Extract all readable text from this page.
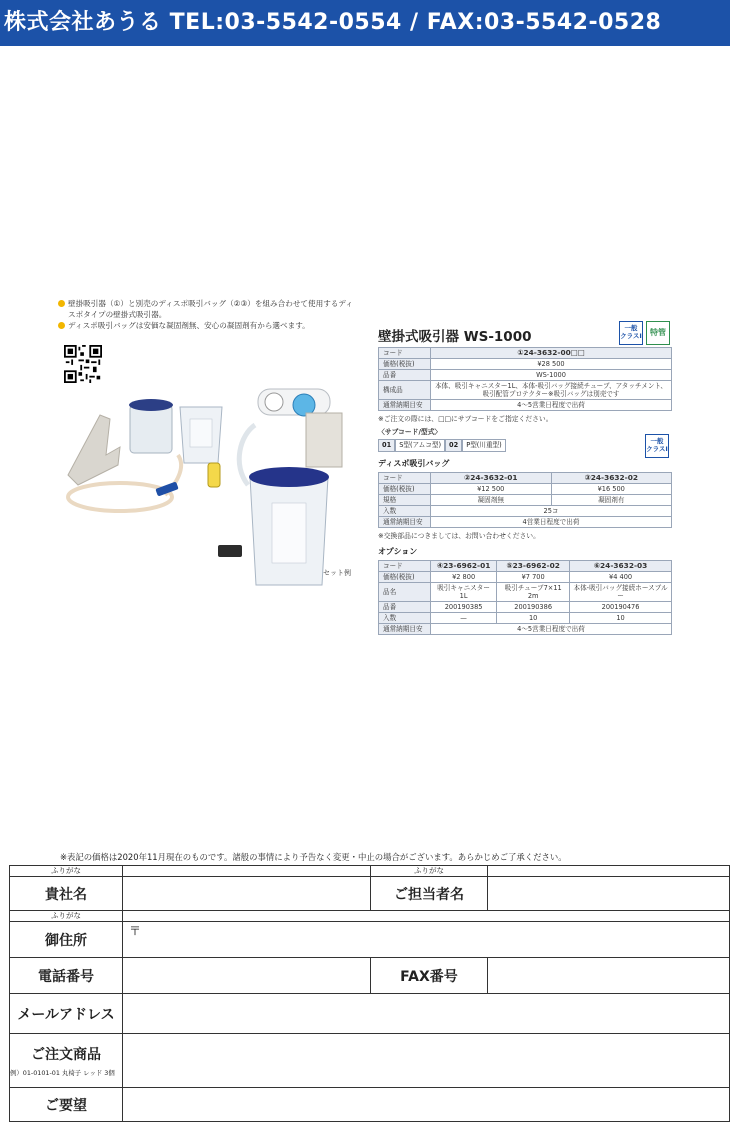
株式会社あうる TEL:03-5542-0554 / FAX:03-5542-0528
壁掛吸引器（①）と別売のディスポ吸引バッグ（②③）を組み合わせて使用するディスポタイプの壁掛式吸引器。
ディスポ吸引バッグは安価な凝固剤無、安心の凝固剤有から選べます。
セット例
一般
クラスⅠ	特管
一般
クラスⅠ
壁掛式吸引器 WS-1000
コード	①24-3632-00□□
価格(税抜)	¥28 500
品番	WS-1000
構成品	本体、吸引キャニスター1L、本体-吸引バッグ接続チューブ、アタッチメント、吸引配管プロテクター※吸引バッグは別売です
通常納期目安	4～5営業日程度で出荷
※ご注文の際には、□□にサブコードをご指定ください。
〈サブコード/型式〉
01	S型(アムコ型)	02	P型(川重型)
ディスポ吸引バッグ
コード	②24-3632-01	③24-3632-02
価格(税抜)	¥12 500	¥16 500
規格	凝固剤無	凝固剤有
入数	25コ	
通常納期目安	4営業日程度で出荷	
※交換部品につきましては、お問い合わせください。
オプション
コード	④23-6962-01	⑤23-6962-02	⑥24-3632-03
価格(税抜)	¥2 800	¥7 700	¥4 400
品名	吸引キャニスター 1L	吸引チューブ7×11 2m	本体-吸引バッグ接続ホースブルー
品番	200190385	200190386	200190476
入数	—	10	10
通常納期目安	4～5営業日程度で出荷		
※表記の価格は2020年11月現在のものです。諸般の事情により予告なく変更・中止の場合がございます。あらかじめご了承ください。
ふりがな		ふりがな	
貴社名		ご担当者名	
ふりがな			
御住所	〒		
電話番号		FAX番号	
メールアドレス			
ご注文商品
例）01-0101-01 丸椅子 レッド 3個			

ご要望			
